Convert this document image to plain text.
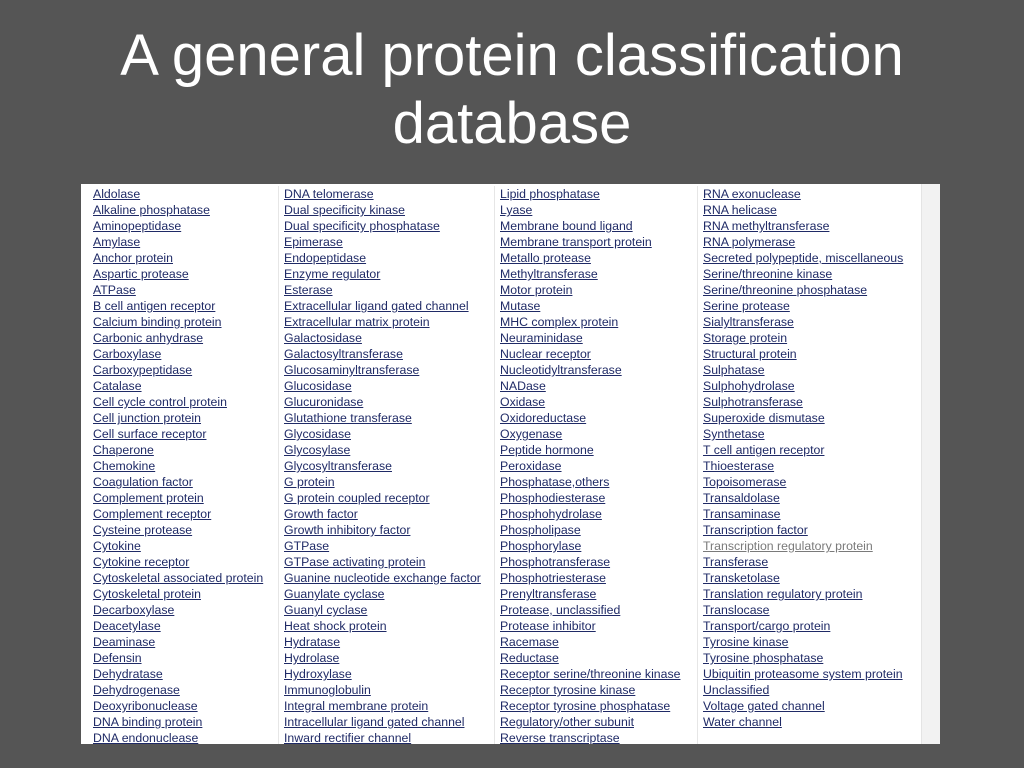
A general protein classification
database
Aldolase
Alkaline phosphatase
Aminopeptidase
Amylase
Anchor protein
Aspartic protease
ATPase
B cell antigen receptor
Calcium binding protein
Carbonic anhydrase
Carboxylase
Carboxypeptidase
Catalase
Cell cycle control protein
Cell junction protein
Cell surface receptor
Chaperone
Chemokine
Coagulation factor
Complement protein
Complement receptor
Cysteine protease
Cytokine
Cytokine receptor
Cytoskeletal associated protein
Cytoskeletal protein
Decarboxylase
Deacetylase
Deaminase
Defensin
Dehydratase
Dehydrogenase
Deoxyribonuclease
DNA binding protein
DNA endonuclease
DNA telomerase
Dual specificity kinase
Dual specificity phosphatase
Epimerase
Endopeptidase
Enzyme regulator
Esterase
Extracellular ligand gated channel
Extracellular matrix protein
Galactosidase
Galactosyltransferase
Glucosaminyltransferase
Glucosidase
Glucuronidase
Glutathione transferase
Glycosidase
Glycosylase
Glycosyltransferase
G protein
G protein coupled receptor
Growth factor
Growth inhibitory factor
GTPase
GTPase activating protein
Guanine nucleotide exchange factor
Guanylate cyclase
Guanyl cyclase
Heat shock protein
Hydratase
Hydrolase
Hydroxylase
Immunoglobulin
Integral membrane protein
Intracellular ligand gated channel
Inward rectifier channel
Lipid phosphatase
Lyase
Membrane bound ligand
Membrane transport protein
Metallo protease
Methyltransferase
Motor protein
Mutase
MHC complex protein
Neuraminidase
Nuclear receptor
Nucleotidyltransferase
NADase
Oxidase
Oxidoreductase
Oxygenase
Peptide hormone
Peroxidase
Phosphatase,others
Phosphodiesterase
Phosphohydrolase
Phospholipase
Phosphorylase
Phosphotransferase
Phosphotriesterase
Prenyltransferase
Protease, unclassified
Protease inhibitor
Racemase
Reductase
Receptor serine/threonine kinase
Receptor tyrosine kinase
Receptor tyrosine phosphatase
Regulatory/other subunit
Reverse transcriptase
RNA exonuclease
RNA helicase
RNA methyltransferase
RNA polymerase
Secreted polypeptide, miscellaneous
Serine/threonine kinase
Serine/threonine phosphatase
Serine protease
Sialyltransferase
Storage protein
Structural protein
Sulphatase
Sulphohydrolase
Sulphotransferase
Superoxide dismutase
Synthetase
T cell antigen receptor
Thioesterase
Topoisomerase
Transaldolase
Transaminase
Transcription factor
Transcription regulatory protein
Transferase
Transketolase
Translation regulatory protein
Translocase
Transport/cargo protein
Tyrosine kinase
Tyrosine phosphatase
Ubiquitin proteasome system protein
Unclassified
Voltage gated channel
Water channel
